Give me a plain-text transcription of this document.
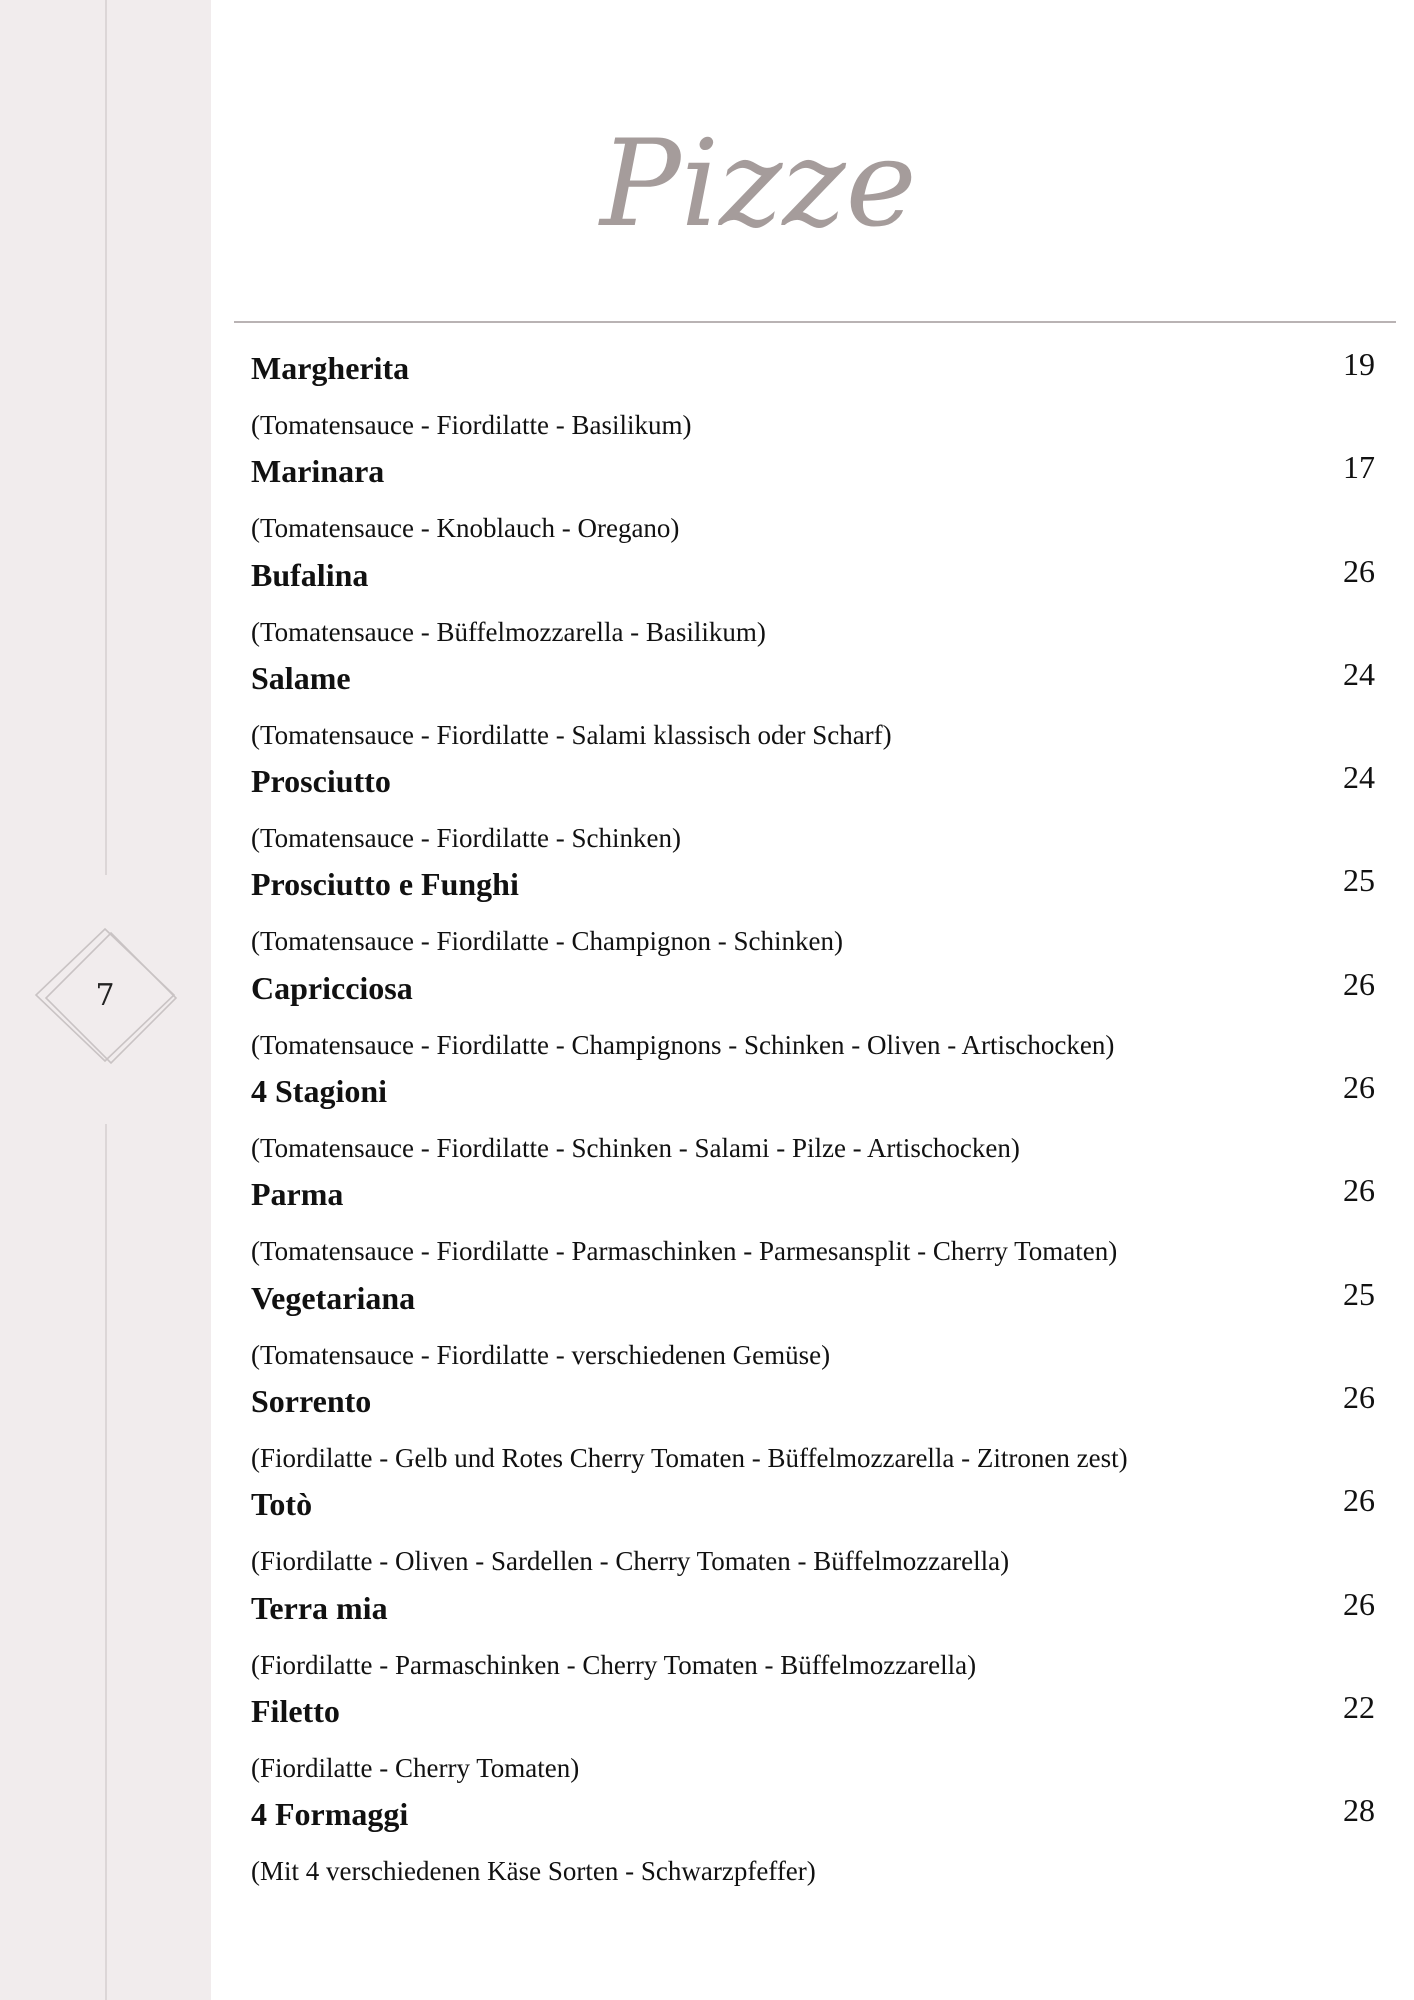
7
Pizze
Margherita
(Tomatensauce - Fiordilatte - Basilikum)
19
Marinara
(Tomatensauce - Knoblauch - Oregano)
17
Bufalina
(Tomatensauce - Büffelmozzarella - Basilikum)
26
Salame
(Tomatensauce - Fiordilatte - Salami klassisch oder Scharf)
24
Prosciutto
(Tomatensauce - Fiordilatte - Schinken)
24
Prosciutto e Funghi
(Tomatensauce - Fiordilatte - Champignon - Schinken)
25
Capricciosa
(Tomatensauce - Fiordilatte - Champignons - Schinken - Oliven - Artischocken)
26
4 Stagioni
(Tomatensauce - Fiordilatte - Schinken - Salami - Pilze - Artischocken)
26
Parma
(Tomatensauce - Fiordilatte - Parmaschinken - Parmesansplit - Cherry Tomaten)
26
Vegetariana
(Tomatensauce - Fiordilatte - verschiedenen Gemüse)
25
Sorrento
(Fiordilatte - Gelb und Rotes Cherry Tomaten - Büffelmozzarella - Zitronen zest)
26
Totò
(Fiordilatte - Oliven - Sardellen - Cherry Tomaten - Büffelmozzarella)
26
Terra mia
(Fiordilatte - Parmaschinken - Cherry Tomaten - Büffelmozzarella)
26
Filetto
(Fiordilatte - Cherry Tomaten)
22
4 Formaggi
(Mit 4 verschiedenen Käse Sorten - Schwarzpfeffer)
28
